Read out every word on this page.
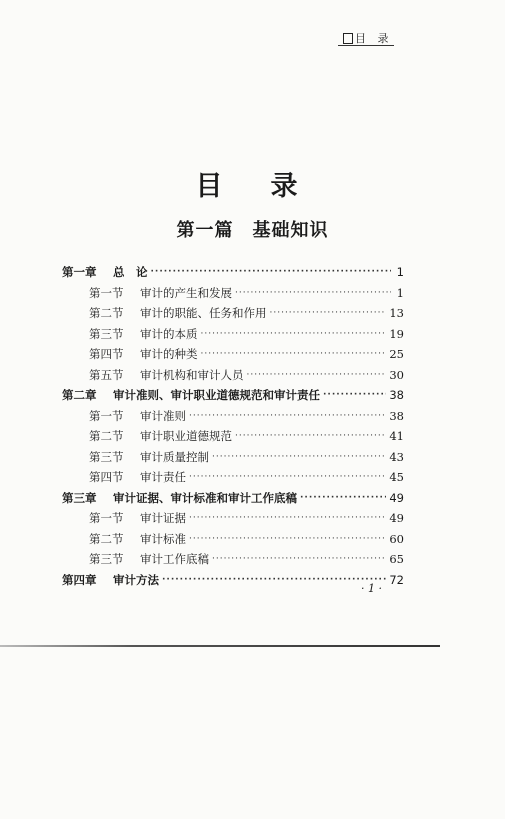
目 录
目录
第一篇　基础知识
第一章	总　论 ·····	1
第一节	审计的产生和发展 ·····	1
第二节	审计的职能、任务和作用 ·····	13
第三节	审计的本质 ·····	19
第四节	审计的种类 ·····	25
第五节	审计机构和审计人员 ·····	30
第二章	审计准则、审计职业道德规范和审计责任 ·····	38
第一节	审计准则 ·····	38
第二节	审计职业道德规范 ·····	41
第三节	审计质量控制 ·····	43
第四节	审计责任 ·····	45
第三章	审计证据、审计标准和审计工作底稿 ·····	49
第一节	审计证据 ·····	49
第二节	审计标准 ·····	60
第三节	审计工作底稿 ·····	65
第四章	审计方法 ·····	72
· 1 ·
